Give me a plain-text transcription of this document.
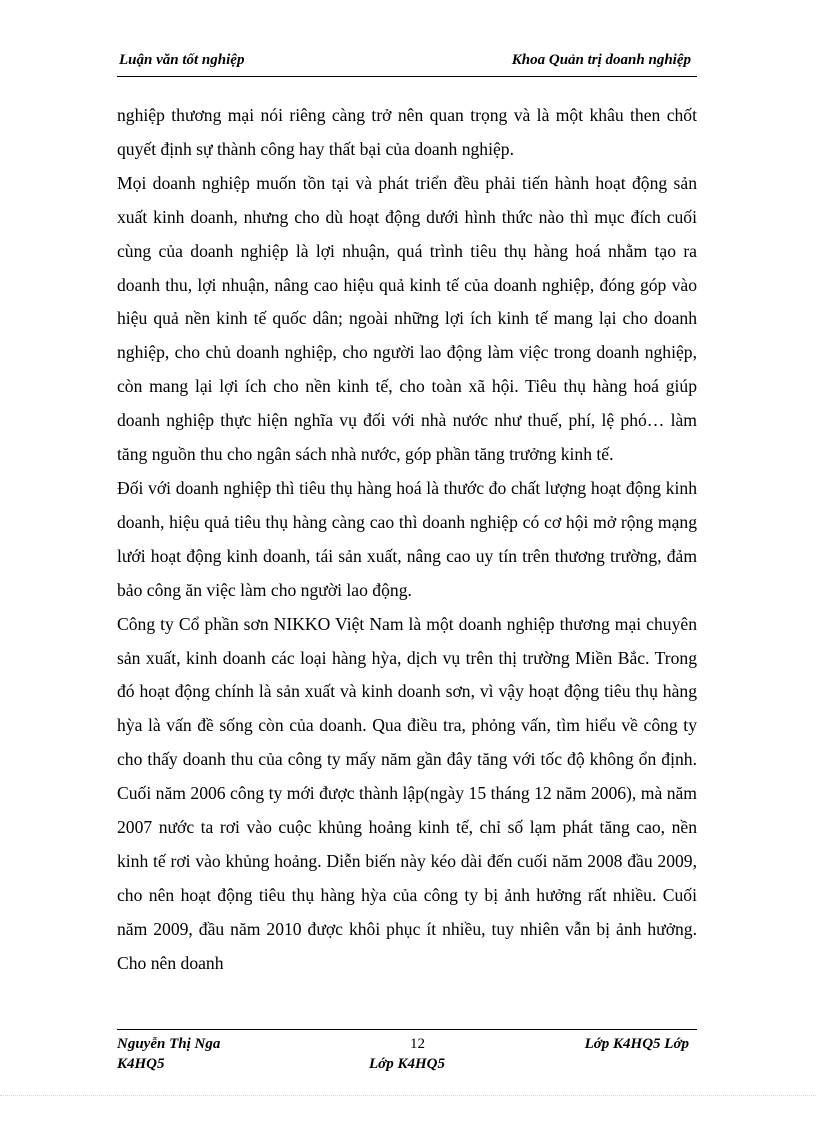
Luận văn tốt nghiệp	Khoa Quản trị doanh nghiệp

nghiệp thương mại nói riêng càng trở nên quan trọng và là một khâu then chốt quyết định sự thành công hay thất bại của doanh nghiệp.

Mọi doanh nghiệp muốn tồn tại và phát triển đều phải tiến hành hoạt động sản xuất kinh doanh, nhưng cho dù hoạt động dưới hình thức nào thì mục đích cuối cùng của doanh nghiệp là lợi nhuận, quá trình tiêu thụ hàng hoá nhằm tạo ra doanh thu, lợi nhuận, nâng cao hiệu quả kinh tế của doanh nghiệp, đóng góp vào hiệu quả nền kinh tế quốc dân; ngoài những lợi ích kinh tế mang lại cho doanh nghiệp, cho chủ doanh nghiệp, cho người lao động làm việc trong doanh nghiệp, còn mang lại lợi ích cho nền kinh tế, cho toàn xã hội. Tiêu thụ hàng hoá giúp doanh nghiệp thực hiện nghĩa vụ đối với nhà nước như thuế, phí, lệ phó… làm tăng nguồn thu cho ngân sách nhà nước, góp phần tăng trưởng kinh tế.

Đối với doanh nghiệp thì tiêu thụ hàng hoá là thước đo chất lượng hoạt động kinh doanh, hiệu quả tiêu thụ hàng càng cao thì doanh nghiệp có cơ hội mở rộng mạng lưới hoạt động kinh doanh, tái sản xuất, nâng cao uy tín trên thương trường, đảm bảo công ăn việc làm cho người lao động.

Công ty Cổ phần sơn NIKKO Việt Nam là một doanh nghiệp thương mại chuyên sản xuất, kinh doanh các loại hàng hỳa, dịch vụ trên thị trường Miền Bắc. Trong đó hoạt động chính là sản xuất và kinh doanh sơn, vì vậy hoạt động tiêu thụ hàng hỳa là vấn đề sống còn của doanh. Qua điều tra, phỏng vấn, tìm hiểu về công ty cho thấy doanh thu của công ty mấy năm gần đây tăng với tốc độ không ổn định. Cuối năm 2006 công ty mới được thành lập(ngày 15 tháng 12 năm 2006), mà năm 2007 nước ta rơi vào cuộc khủng hoảng kinh tế, chỉ số lạm phát tăng cao, nền kinh tế rơi vào khủng hoảng. Diễn biến này kéo dài đến cuối năm 2008 đầu 2009, cho nên hoạt động tiêu thụ hàng hỳa của công ty bị ảnh hưởng rất nhiều. Cuối năm 2009, đầu năm 2010 được khôi phục ít nhiều, tuy nhiên vẫn bị ảnh hưởng. Cho nên doanh

Nguyễn Thị Nga	12	Lớp K4HQ5 Lớp
K4HQ5	Lớp K4HQ5
